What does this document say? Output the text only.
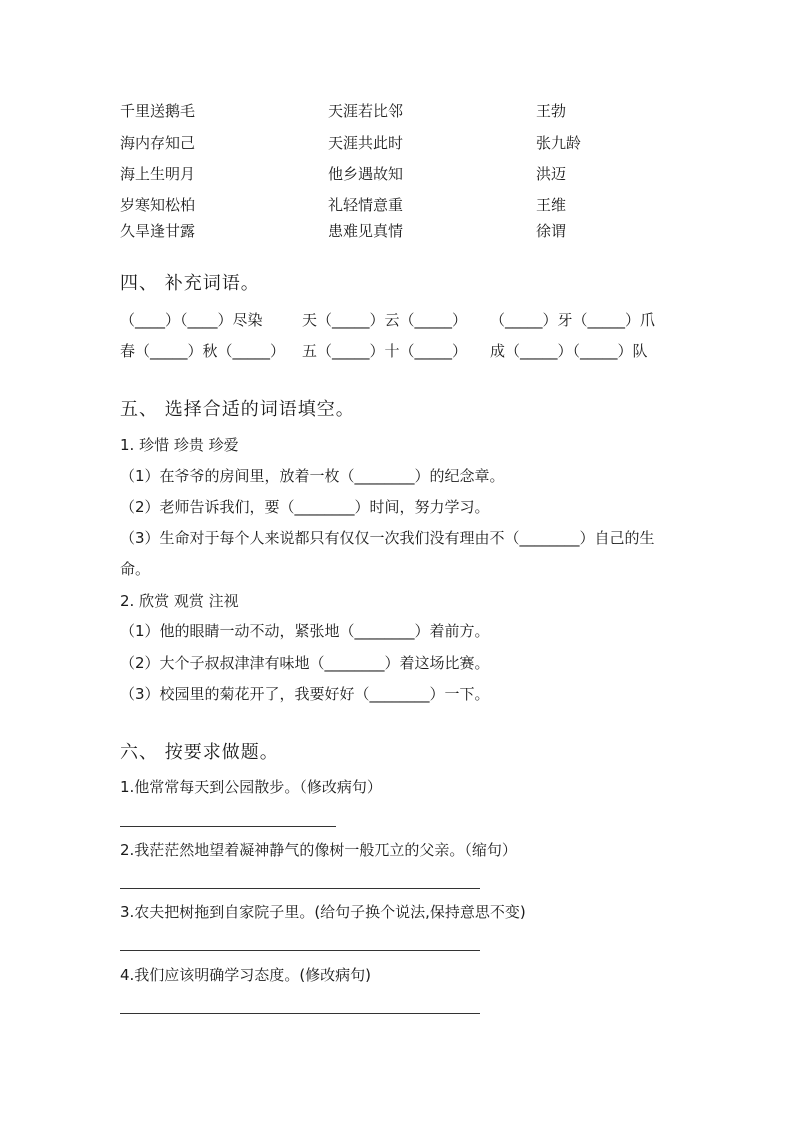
千里送鹅毛	天涯若比邻	王勃
海内存知己	天涯共此时	张九龄
海上生明月	他乡遇故知	洪迈
岁寒知松柏	礼轻情意重	王维
久旱逢甘露	患难见真情	徐谓
四、 补充词语。
（____）（____）尽染	天（_____）云（_____） （_____）牙（_____）爪
春（_____）秋（_____） 五（_____）十（_____） 成（_____）（_____）队
五、 选择合适的词语填空。
1. 珍惜 珍贵 珍爱
（1）在爷爷的房间里，放着一枚（________）的纪念章。
（2）老师告诉我们，要（________）时间，努力学习。
（3）生命对于每个人来说都只有仅仅一次我们没有理由不（________）自己的生命。
2. 欣赏 观赏 注视
（1）他的眼睛一动不动，紧张地（________）着前方。
（2）大个子叔叔津津有味地（________）着这场比赛。
（3）校园里的菊花开了，我要好好（________）一下。
六、 按要求做题。
1.他常常每天到公园散步。（修改病句）
2.我茫茫然地望着凝神静气的像树一般兀立的父亲。（缩句）
3.农夫把树拖到自家院子里。(给句子换个说法,保持意思不变)
4.我们应该明确学习态度。(修改病句)
